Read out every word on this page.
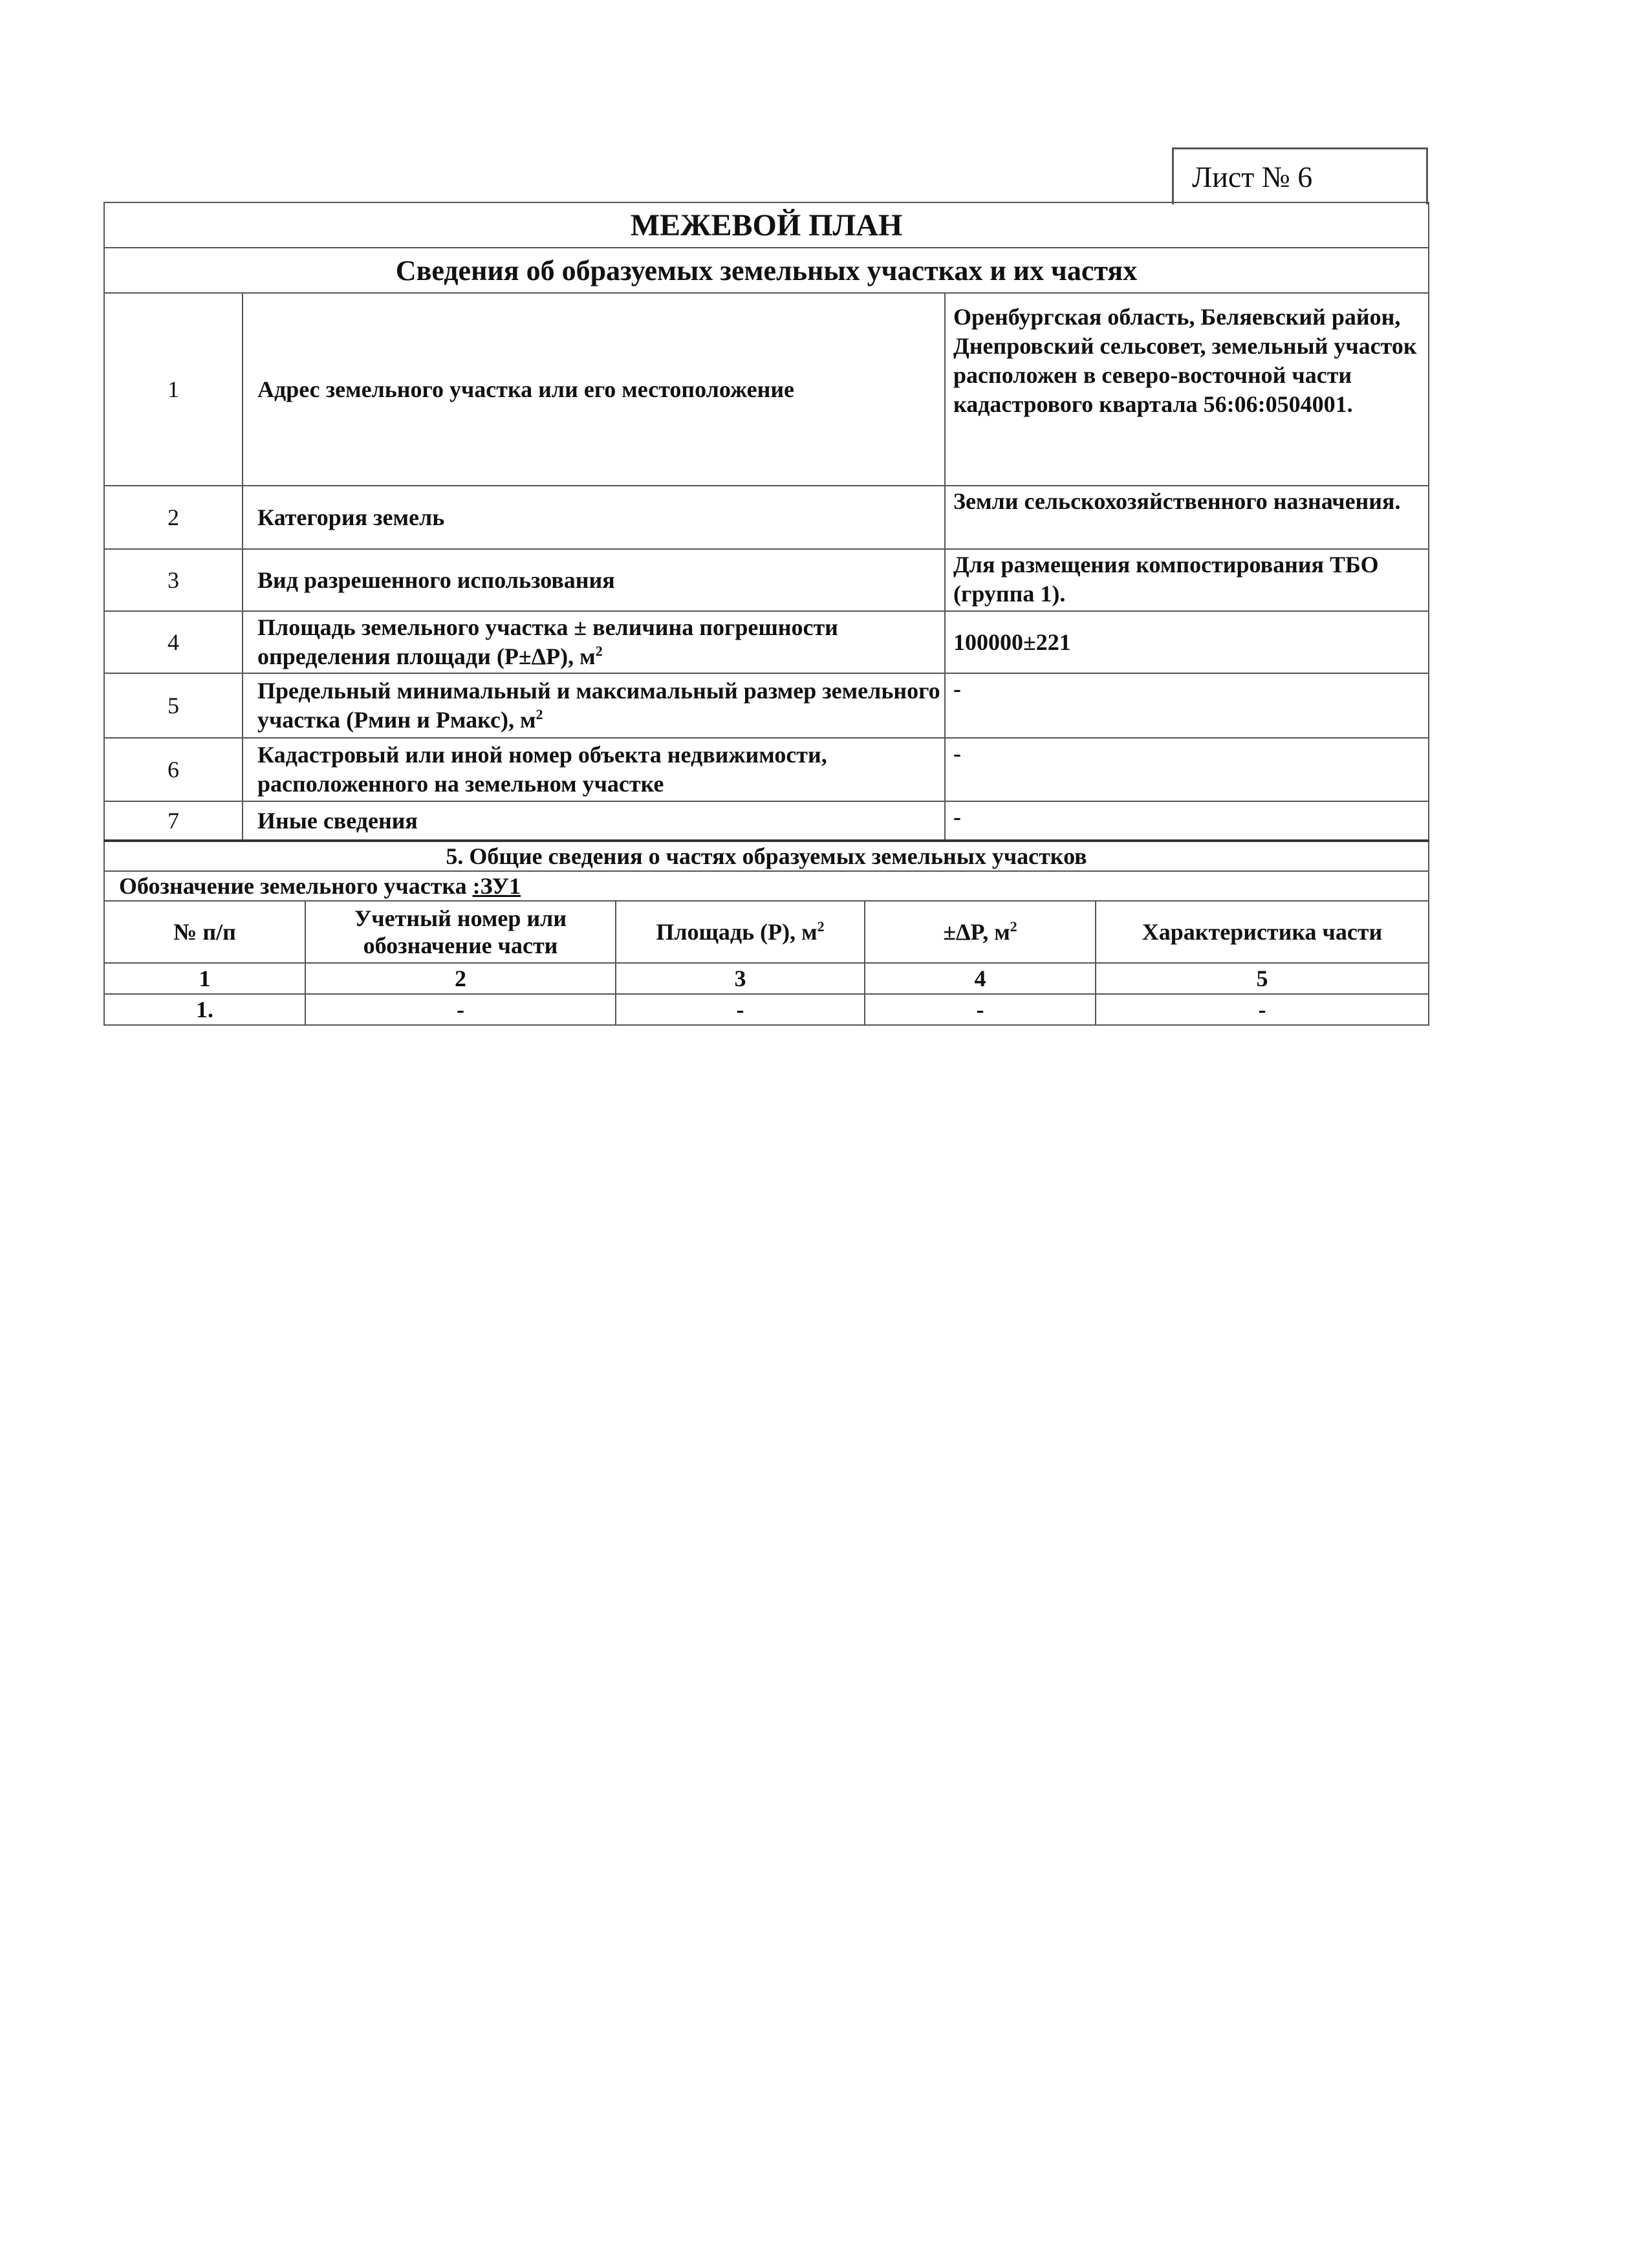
Лист № 6
МЕЖЕВОЙ ПЛАН		
Сведения об образуемых земельных участках и их частях		
1	Адрес земельного участка или его местоположение	Оренбургская область, Беляевский район, Днепровский сельсовет, земельный участок расположен в северо-восточной части кадастрового квартала 56:06:0504001.
2	Категория земель	Земли сельскохозяйственного назначения.
3	Вид разрешенного использования	Для размещения компостирования ТБО (группа 1).
4	Площадь земельного участка ± величина погрешности определения площади (P±ΔP), $м^2$	100000±221
5	Предельный минимальный и максимальный размер земельного участка (Pмин и Pмакс), $м^2$	-
6	Кадастровый или иной номер объекта недвижимости, расположенного на земельном участке	-
7	Иные сведения	-
5. Общие сведения о частях образуемых земельных участков				
Обозначение земельного участка :ЗУ1				
№ п/п	Учетный номер или обозначение части	Площадь (P), $м^2$	±ΔP, $м^2$	Характеристика части
1	2	3	4	5
1.	-	-	-	-
